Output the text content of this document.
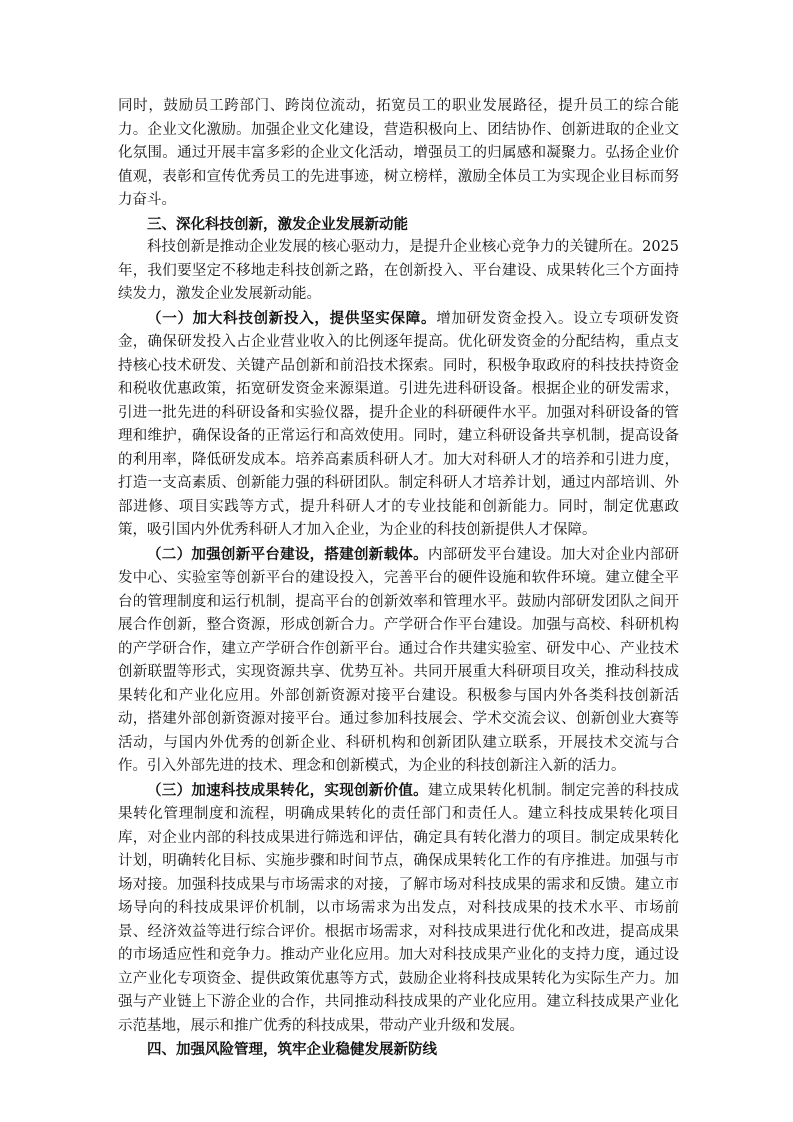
同时，鼓励员工跨部门、跨岗位流动，拓宽员工的职业发展路径，提升员工的综合能力。企业文化激励。加强企业文化建设，营造积极向上、团结协作、创新进取的企业文化氛围。通过开展丰富多彩的企业文化活动，增强员工的归属感和凝聚力。弘扬企业价值观，表彰和宣传优秀员工的先进事迹，树立榜样，激励全体员工为实现企业目标而努力奋斗。

三、深化科技创新，激发企业发展新动能

科技创新是推动企业发展的核心驱动力，是提升企业核心竞争力的关键所在。2025 年，我们要坚定不移地走科技创新之路，在创新投入、平台建设、成果转化三个方面持续发力，激发企业发展新动能。

（一）加大科技创新投入，提供坚实保障。增加研发资金投入。设立专项研发资金，确保研发投入占企业营业收入的比例逐年提高。优化研发资金的分配结构，重点支持核心技术研发、关键产品创新和前沿技术探索。同时，积极争取政府的科技扶持资金和税收优惠政策，拓宽研发资金来源渠道。引进先进科研设备。根据企业的研发需求，引进一批先进的科研设备和实验仪器，提升企业的科研硬件水平。加强对科研设备的管理和维护，确保设备的正常运行和高效使用。同时，建立科研设备共享机制，提高设备的利用率，降低研发成本。培养高素质科研人才。加大对科研人才的培养和引进力度，打造一支高素质、创新能力强的科研团队。制定科研人才培养计划，通过内部培训、外部进修、项目实践等方式，提升科研人才的专业技能和创新能力。同时，制定优惠政策，吸引国内外优秀科研人才加入企业，为企业的科技创新提供人才保障。

（二）加强创新平台建设，搭建创新载体。内部研发平台建设。加大对企业内部研发中心、实验室等创新平台的建设投入，完善平台的硬件设施和软件环境。建立健全平台的管理制度和运行机制，提高平台的创新效率和管理水平。鼓励内部研发团队之间开展合作创新，整合资源，形成创新合力。产学研合作平台建设。加强与高校、科研机构的产学研合作，建立产学研合作创新平台。通过合作共建实验室、研发中心、产业技术创新联盟等形式，实现资源共享、优势互补。共同开展重大科研项目攻关，推动科技成果转化和产业化应用。外部创新资源对接平台建设。积极参与国内外各类科技创新活动，搭建外部创新资源对接平台。通过参加科技展会、学术交流会议、创新创业大赛等活动，与国内外优秀的创新企业、科研机构和创新团队建立联系，开展技术交流与合作。引入外部先进的技术、理念和创新模式，为企业的科技创新注入新的活力。

（三）加速科技成果转化，实现创新价值。建立成果转化机制。制定完善的科技成果转化管理制度和流程，明确成果转化的责任部门和责任人。建立科技成果转化项目库，对企业内部的科技成果进行筛选和评估，确定具有转化潜力的项目。制定成果转化计划，明确转化目标、实施步骤和时间节点，确保成果转化工作的有序推进。加强与市场对接。加强科技成果与市场需求的对接，了解市场对科技成果的需求和反馈。建立市场导向的科技成果评价机制，以市场需求为出发点，对科技成果的技术水平、市场前景、经济效益等进行综合评价。根据市场需求，对科技成果进行优化和改进，提高成果的市场适应性和竞争力。推动产业化应用。加大对科技成果产业化的支持力度，通过设立产业化专项资金、提供政策优惠等方式，鼓励企业将科技成果转化为实际生产力。加强与产业链上下游企业的合作，共同推动科技成果的产业化应用。建立科技成果产业化示范基地，展示和推广优秀的科技成果，带动产业升级和发展。

四、加强风险管理，筑牢企业稳健发展新防线
